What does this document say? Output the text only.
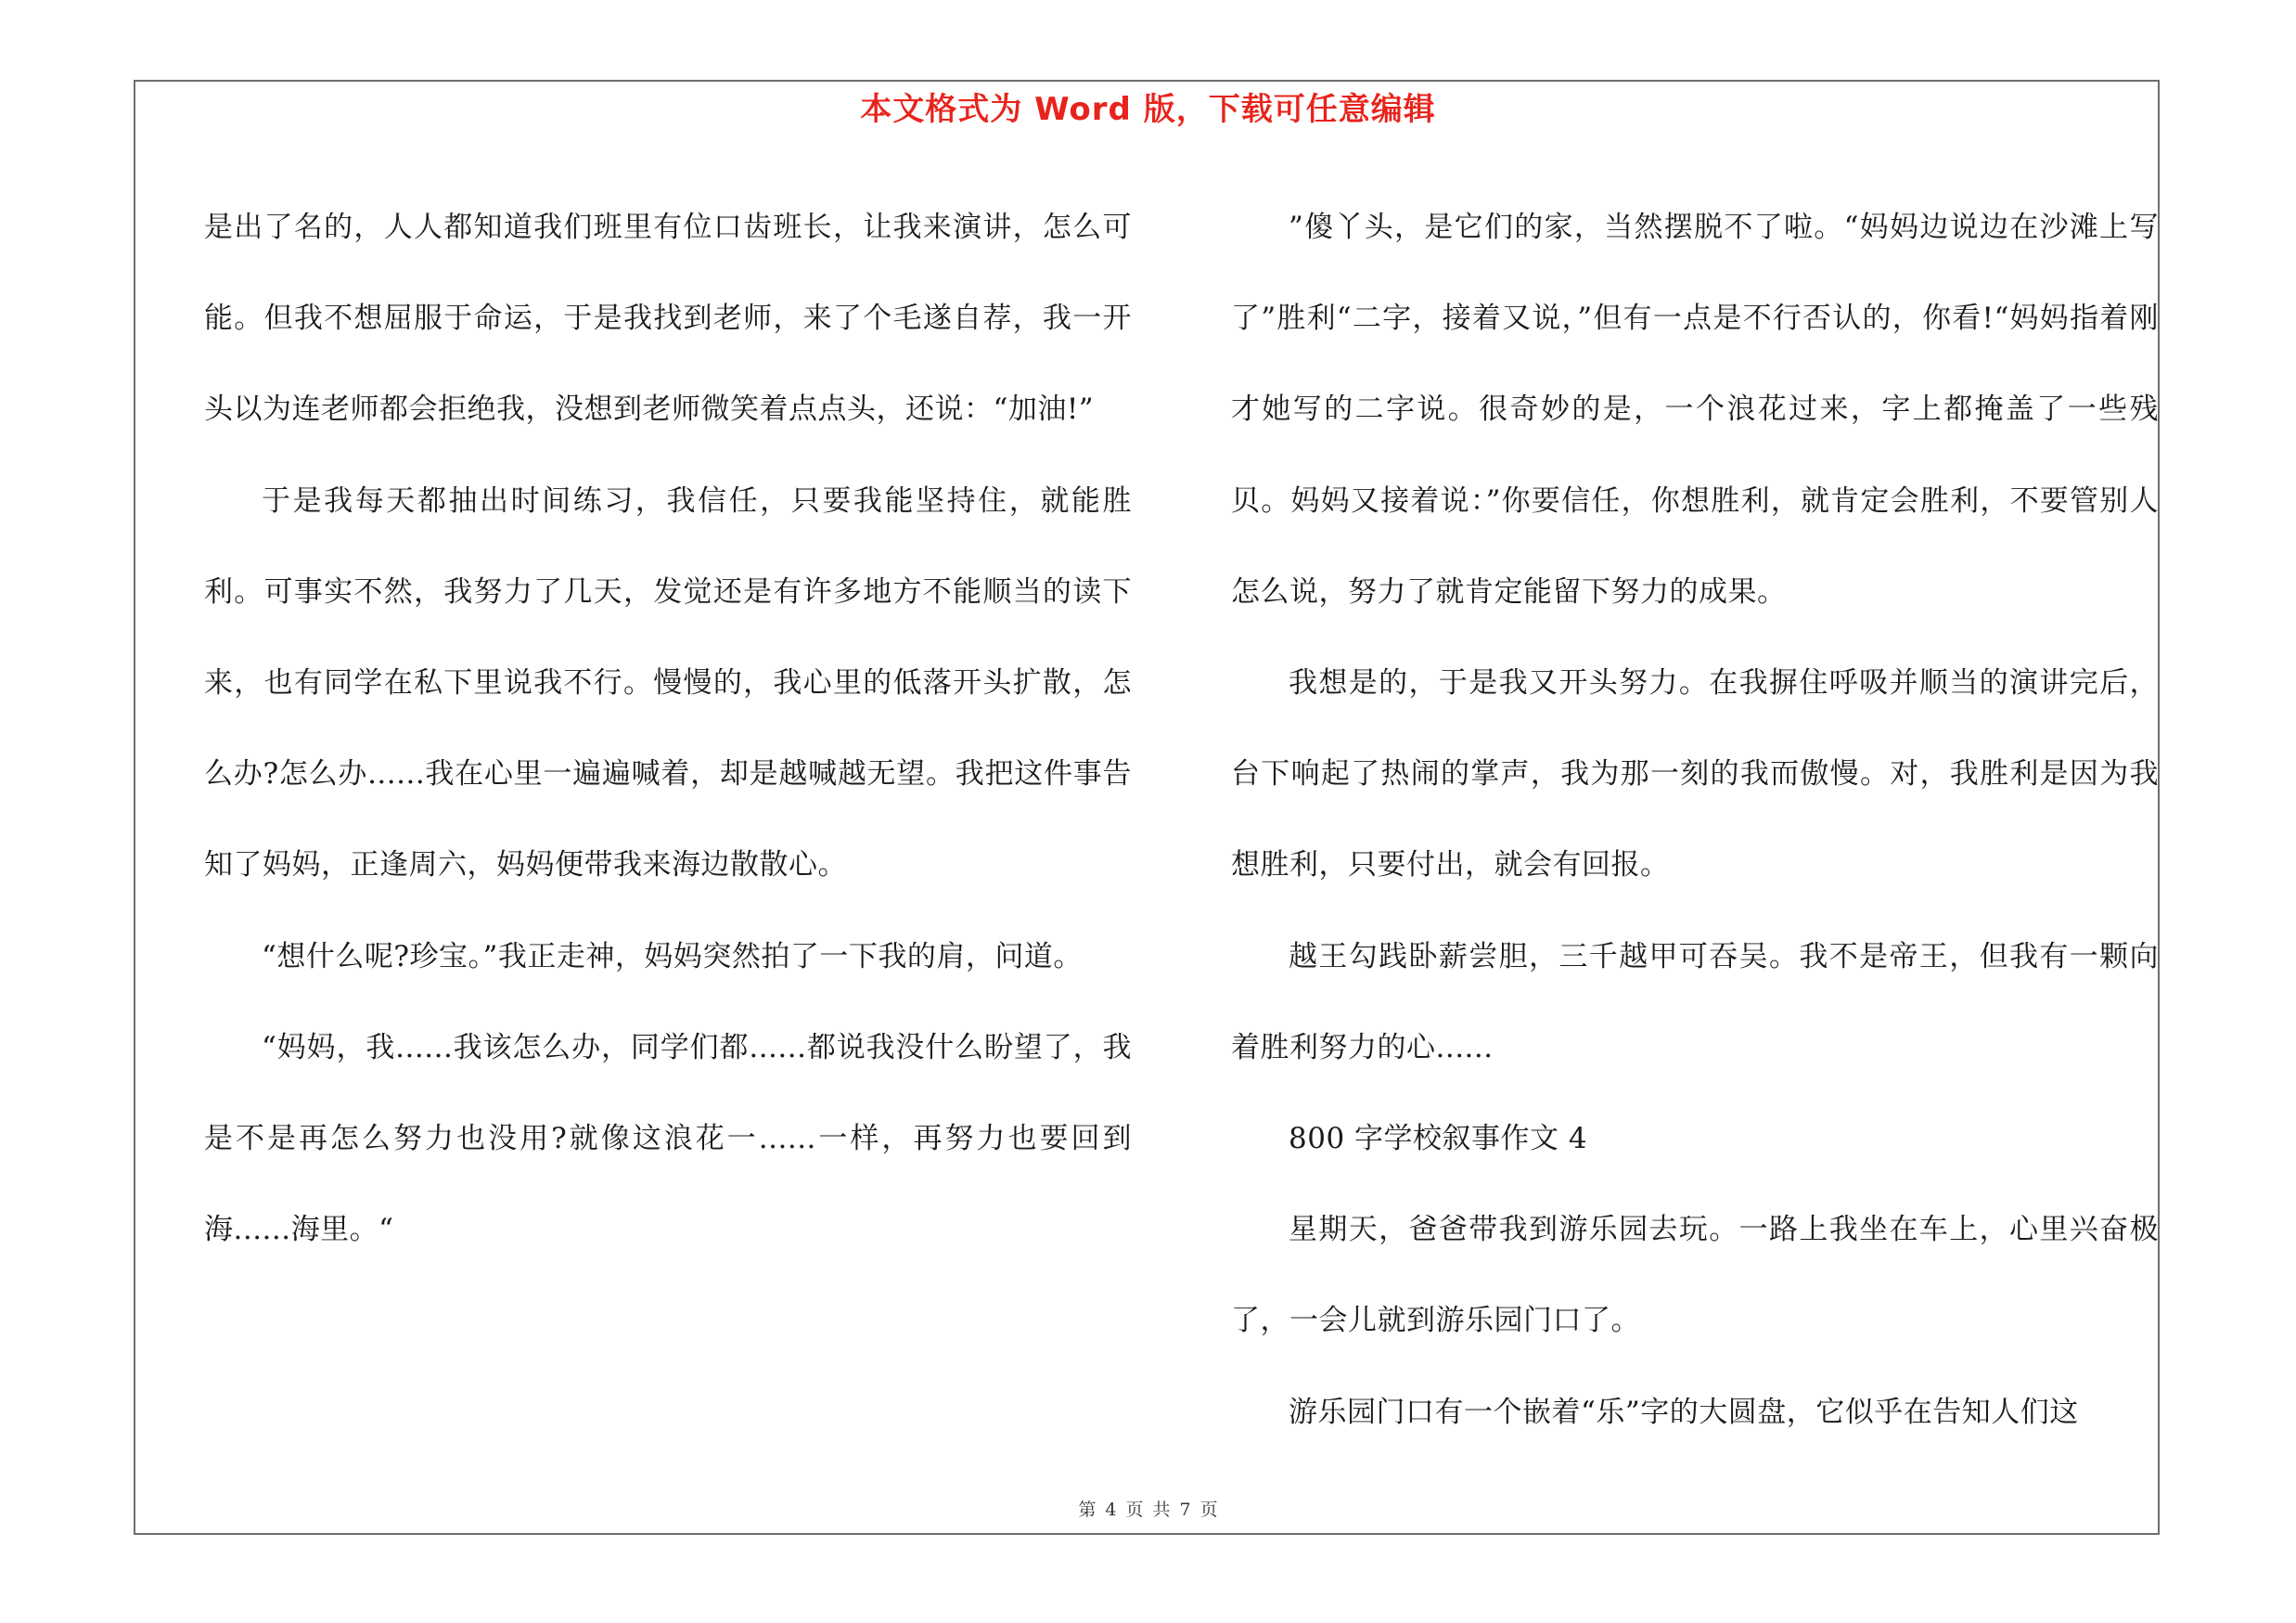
本文格式为 Word 版，下载可任意编辑

是出了名的，人人都知道我们班里有位口齿班长，让我来演讲，怎么可能。但我不想屈服于命运，于是我找到老师，来了个毛遂自荐，我一开头以为连老师都会拒绝我，没想到老师微笑着点点头，还说：“加油!”

于是我每天都抽出时间练习，我信任，只要我能坚持住，就能胜利。可事实不然，我努力了几天，发觉还是有许多地方不能顺当的读下来，也有同学在私下里说我不行。慢慢的，我心里的低落开头扩散，怎么办?怎么办......我在心里一遍遍喊着，却是越喊越无望。我把这件事告知了妈妈，正逢周六，妈妈便带我来海边散散心。

“想什么呢?珍宝。”我正走神，妈妈突然拍了一下我的肩，问道。

“妈妈，我......我该怎么办，同学们都......都说我没什么盼望了，我是不是再怎么努力也没用?就像这浪花一......一样，再努力也要回到海......海里。“

”傻丫头，是它们的家，当然摆脱不了啦。“妈妈边说边在沙滩上写了”胜利“二字，接着又说，”但有一点是不行否认的，你看!“妈妈指着刚才她写的二字说。很奇妙的是，一个浪花过来，字上都掩盖了一些残贝。妈妈又接着说：”你要信任，你想胜利，就肯定会胜利，不要管别人怎么说，努力了就肯定能留下努力的成果。

我想是的，于是我又开头努力。在我摒住呼吸并顺当的演讲完后，台下响起了热闹的掌声，我为那一刻的我而傲慢。对，我胜利是因为我想胜利，只要付出，就会有回报。

越王勾践卧薪尝胆，三千越甲可吞吴。我不是帝王，但我有一颗向着胜利努力的心......

800 字学校叙事作文 4

星期天，爸爸带我到游乐园去玩。一路上我坐在车上，心里兴奋极了，一会儿就到游乐园门口了。

游乐园门口有一个嵌着“乐”字的大圆盘，它似乎在告知人们这

第 4 页 共 7 页
